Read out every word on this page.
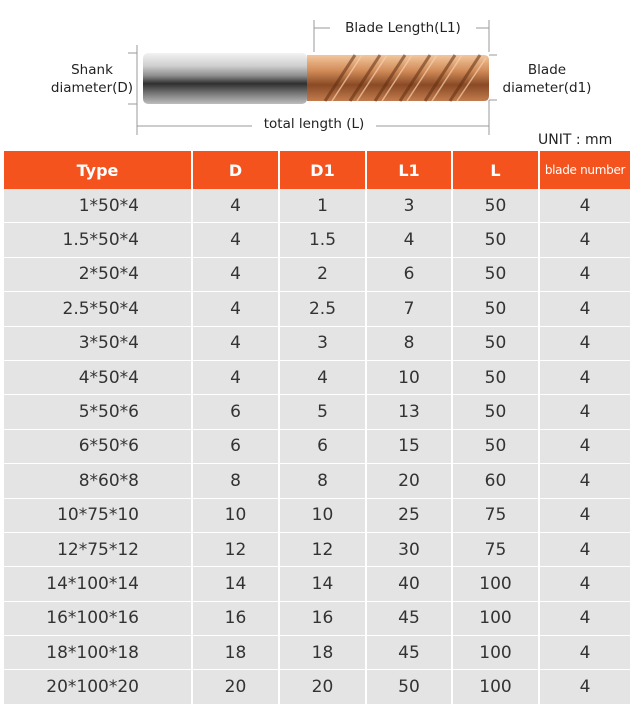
Blade Length(L1)
Shank
diameter(D)
Blade
diameter(d1)
total length (L)
UNIT : mm
Type	D	D1	L1	L	blade number
1*50*4	4	1	3	50	4
1.5*50*4	4	1.5	4	50	4
2*50*4	4	2	6	50	4
2.5*50*4	4	2.5	7	50	4
3*50*4	4	3	8	50	4
4*50*4	4	4	10	50	4
5*50*6	6	5	13	50	4
6*50*6	6	6	15	50	4
8*60*8	8	8	20	60	4
10*75*10	10	10	25	75	4
12*75*12	12	12	30	75	4
14*100*14	14	14	40	100	4
16*100*16	16	16	45	100	4
18*100*18	18	18	45	100	4
20*100*20	20	20	50	100	4
